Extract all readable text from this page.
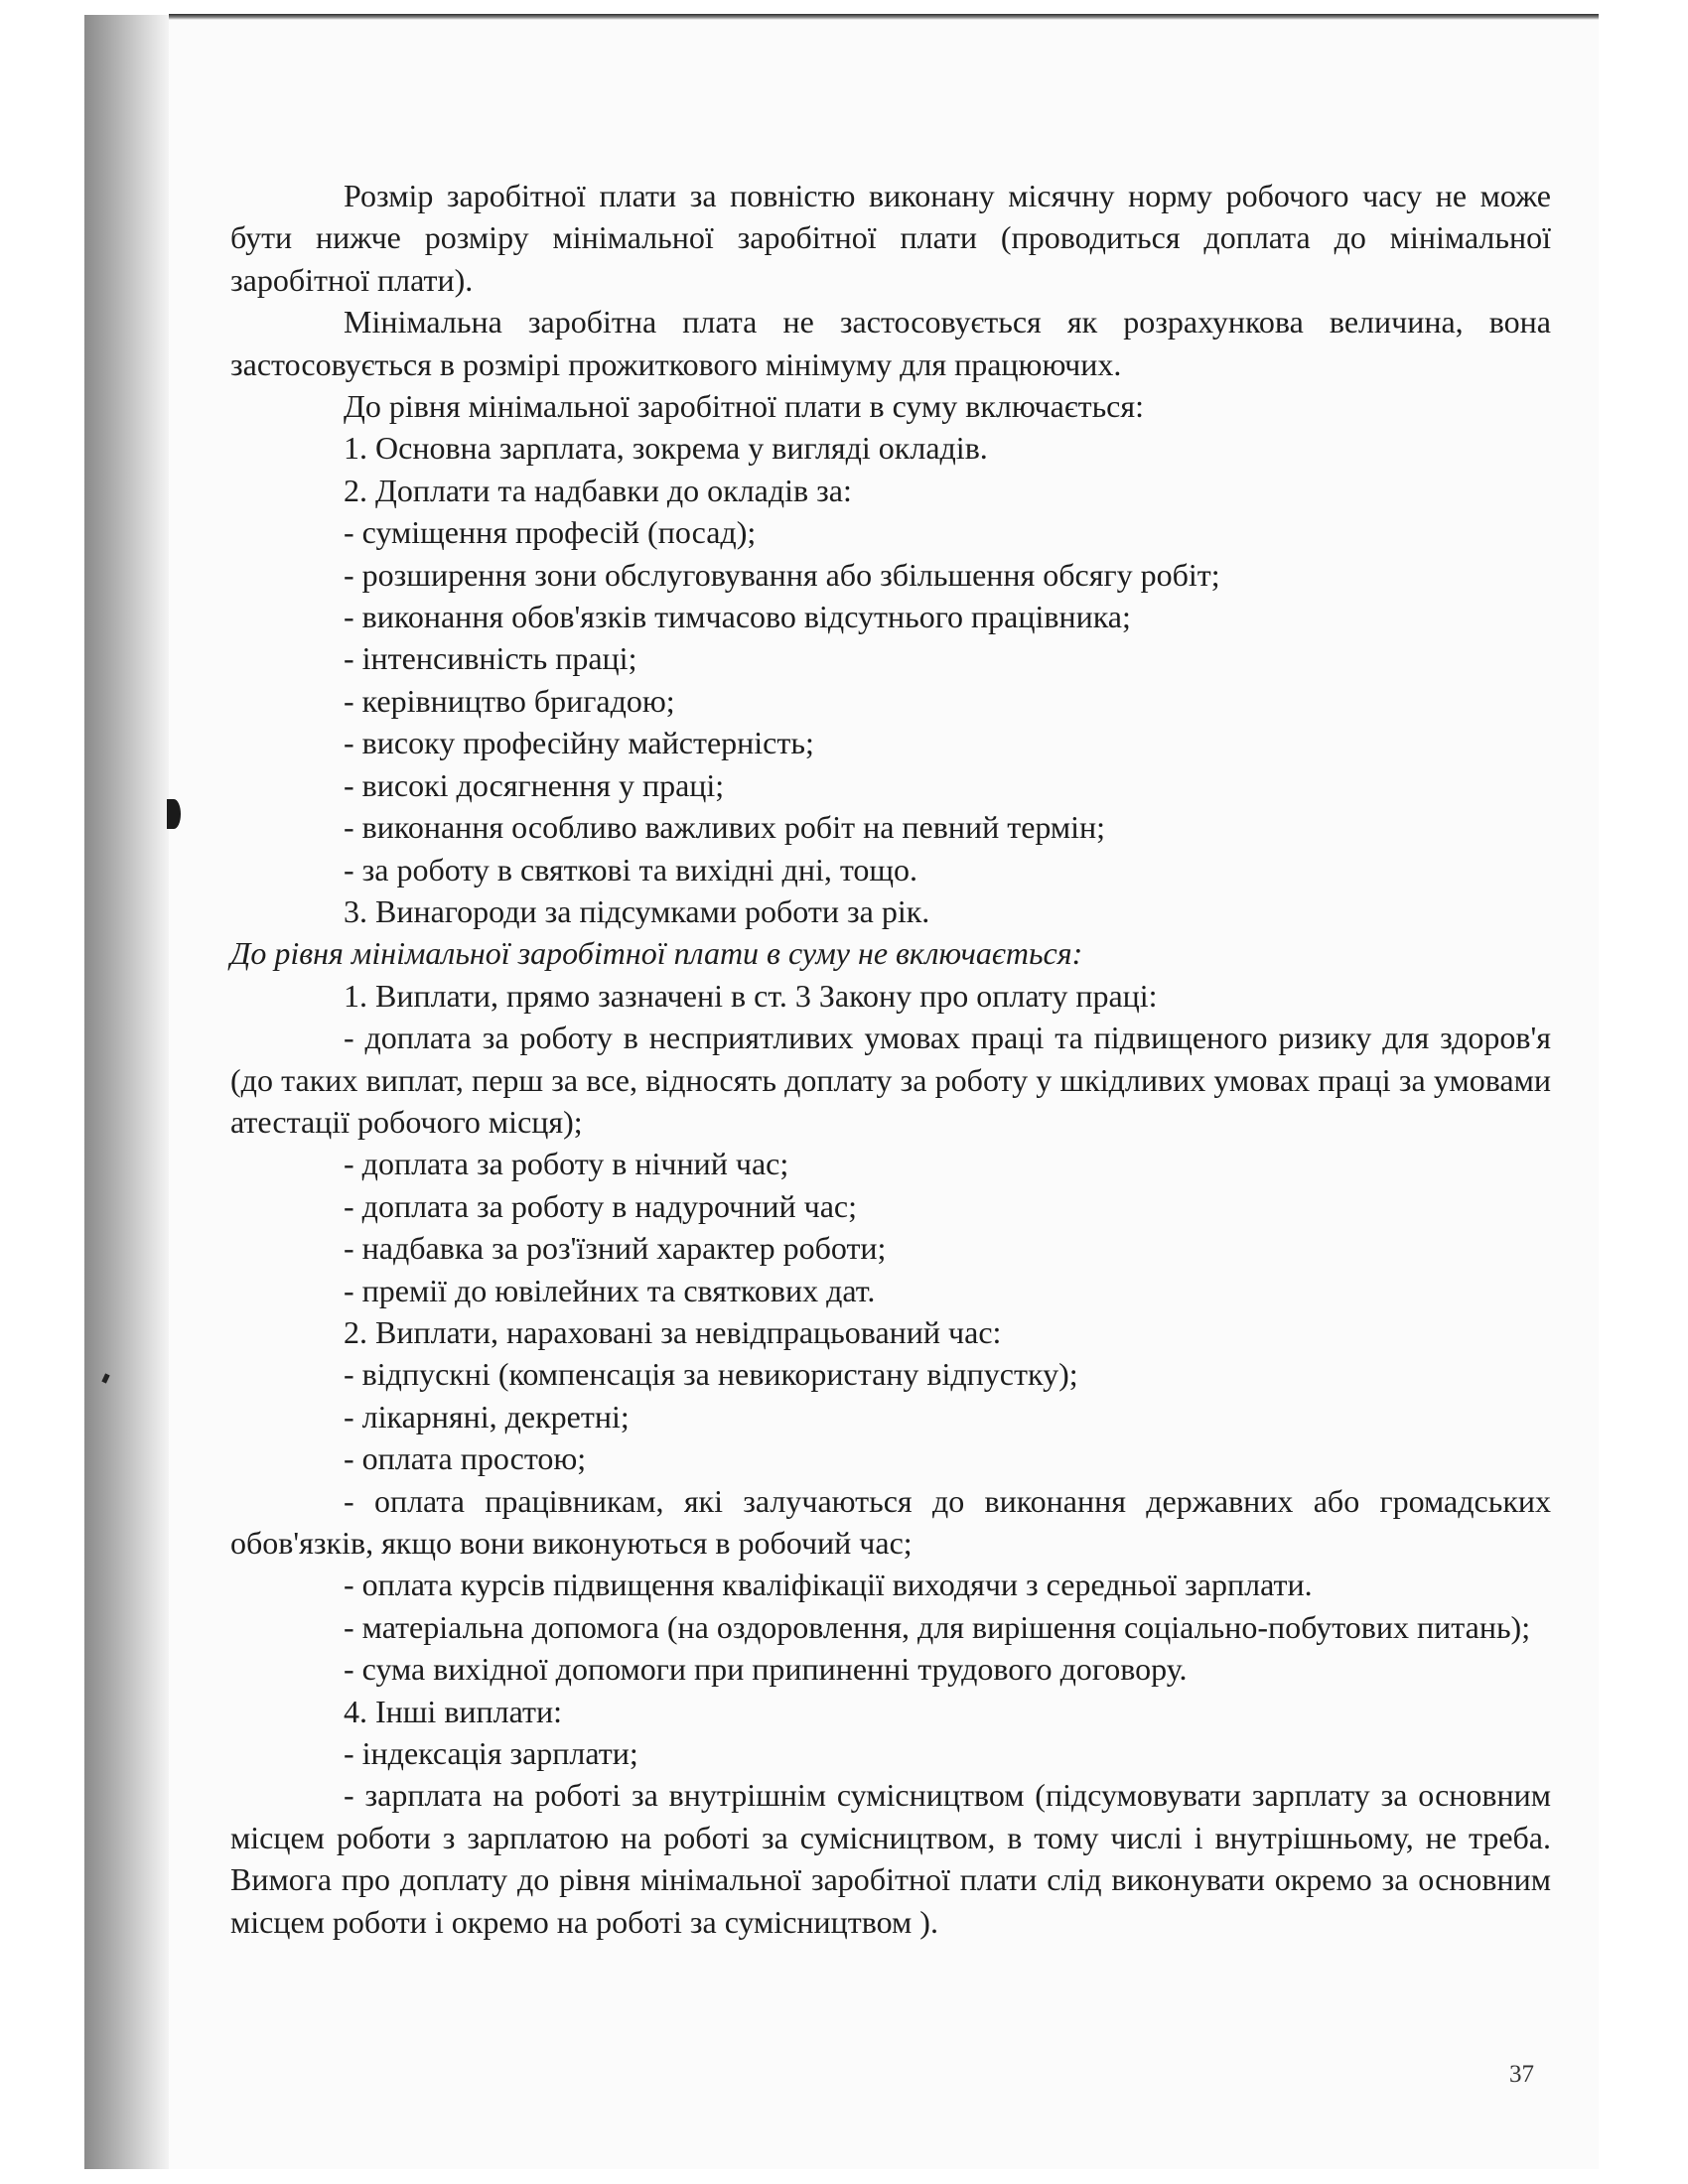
Розмір заробітної плати за повністю виконану місячну норму робочого часу не може бути нижче розміру мінімальної заробітної плати (проводиться доплата до мінімальної заробітної плати).

Мінімальна заробітна плата не застосовується як розрахункова величина, вона застосовується в розмірі прожиткового мінімуму для працюючих.

До рівня мінімальної заробітної плати в суму включається:

1. Основна зарплата, зокрема у вигляді окладів.

2. Доплати та надбавки до окладів за:

- суміщення професій (посад);

- розширення зони обслуговування або збільшення обсягу робіт;

- виконання обов'язків тимчасово відсутнього працівника;

- інтенсивність праці;

- керівництво бригадою;

- високу професійну майстерність;

- високі досягнення у праці;

- виконання особливо важливих робіт на певний термін;

- за роботу в святкові та вихідні дні, тощо.

3. Винагороди за підсумками роботи за рік.

До рівня мінімальної заробітної плати в суму не включається:

1. Виплати, прямо зазначені в ст. 3 Закону про оплату праці:

- доплата за роботу в несприятливих умовах праці та підвищеного ризику для здоров'я (до таких виплат, перш за все, відносять доплату за роботу у шкідливих умовах праці за умовами атестації робочого місця);

- доплата за роботу в нічний час;

- доплата за роботу в надурочний час;

- надбавка за роз'їзний характер роботи;

- премії до ювілейних та святкових дат.

2. Виплати, нараховані за невідпрацьований час:

- відпускні (компенсація за невикористану відпустку);

- лікарняні, декретні;

- оплата простою;

- оплата працівникам, які залучаються до виконання державних або громадських обов'язків, якщо вони виконуються в робочий час;

- оплата курсів підвищення кваліфікації виходячи з середньої зарплати.

- матеріальна допомога (на оздоровлення, для вирішення соціально-побутових питань);

- сума вихідної допомоги при припиненні трудового договору.

4. Інші виплати:

- індексація зарплати;

- зарплата на роботі за внутрішнім сумісництвом (підсумовувати зарплату за основним місцем роботи з зарплатою на роботі за сумісництвом, в тому числі і внутрішньому, не треба. Вимога про доплату до рівня мінімальної заробітної плати слід виконувати окремо за основним місцем роботи і окремо на роботі за сумісництвом ).

37
